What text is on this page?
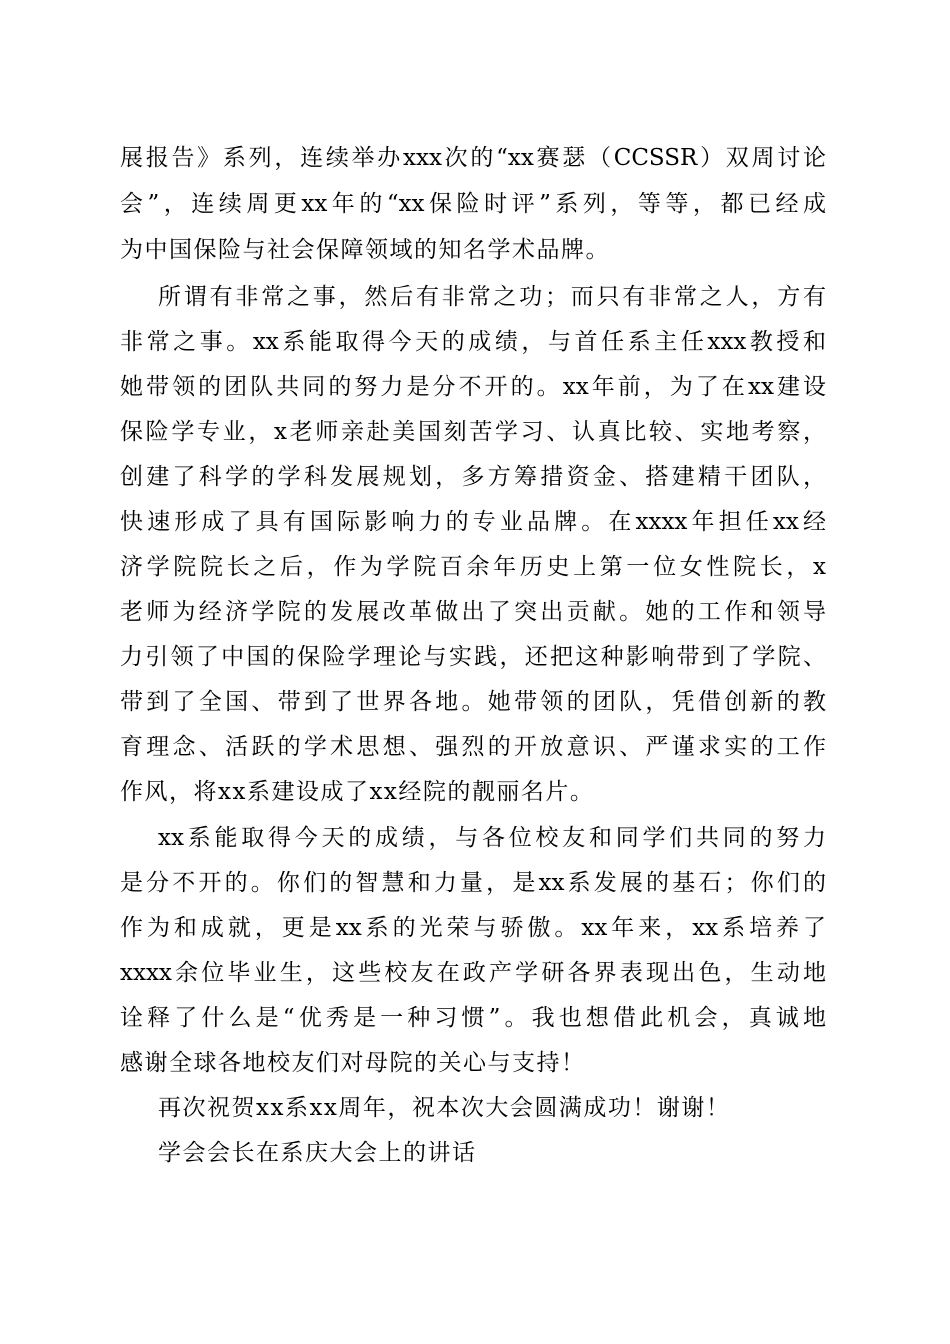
展报告》系列，连续举办xxx次的“xx赛瑟（CCSSR）双周讨论
会”，连续周更xx年的“xx保险时评”系列，等等，都已经成
为中国保险与社会保障领域的知名学术品牌。
所谓有非常之事，然后有非常之功；而只有非常之人，方有
非常之事。xx系能取得今天的成绩，与首任系主任xxx教授和
她带领的团队共同的努力是分不开的。xx年前，为了在xx建设
保险学专业，x老师亲赴美国刻苦学习、认真比较、实地考察，
创建了科学的学科发展规划，多方筹措资金、搭建精干团队，
快速形成了具有国际影响力的专业品牌。在xxxx年担任xx经
济学院院长之后，作为学院百余年历史上第一位女性院长，x
老师为经济学院的发展改革做出了突出贡献。她的工作和领导
力引领了中国的保险学理论与实践，还把这种影响带到了学院、
带到了全国、带到了世界各地。她带领的团队，凭借创新的教
育理念、活跃的学术思想、强烈的开放意识、严谨求实的工作
作风，将xx系建设成了xx经院的靓丽名片。
xx系能取得今天的成绩，与各位校友和同学们共同的努力
是分不开的。你们的智慧和力量，是xx系发展的基石；你们的
作为和成就，更是xx系的光荣与骄傲。xx年来，xx系培养了
xxxx余位毕业生，这些校友在政产学研各界表现出色，生动地
诠释了什么是“优秀是一种习惯”。我也想借此机会，真诚地
感谢全球各地校友们对母院的关心与支持！
再次祝贺xx系xx周年，祝本次大会圆满成功！谢谢！
学会会长在系庆大会上的讲话
